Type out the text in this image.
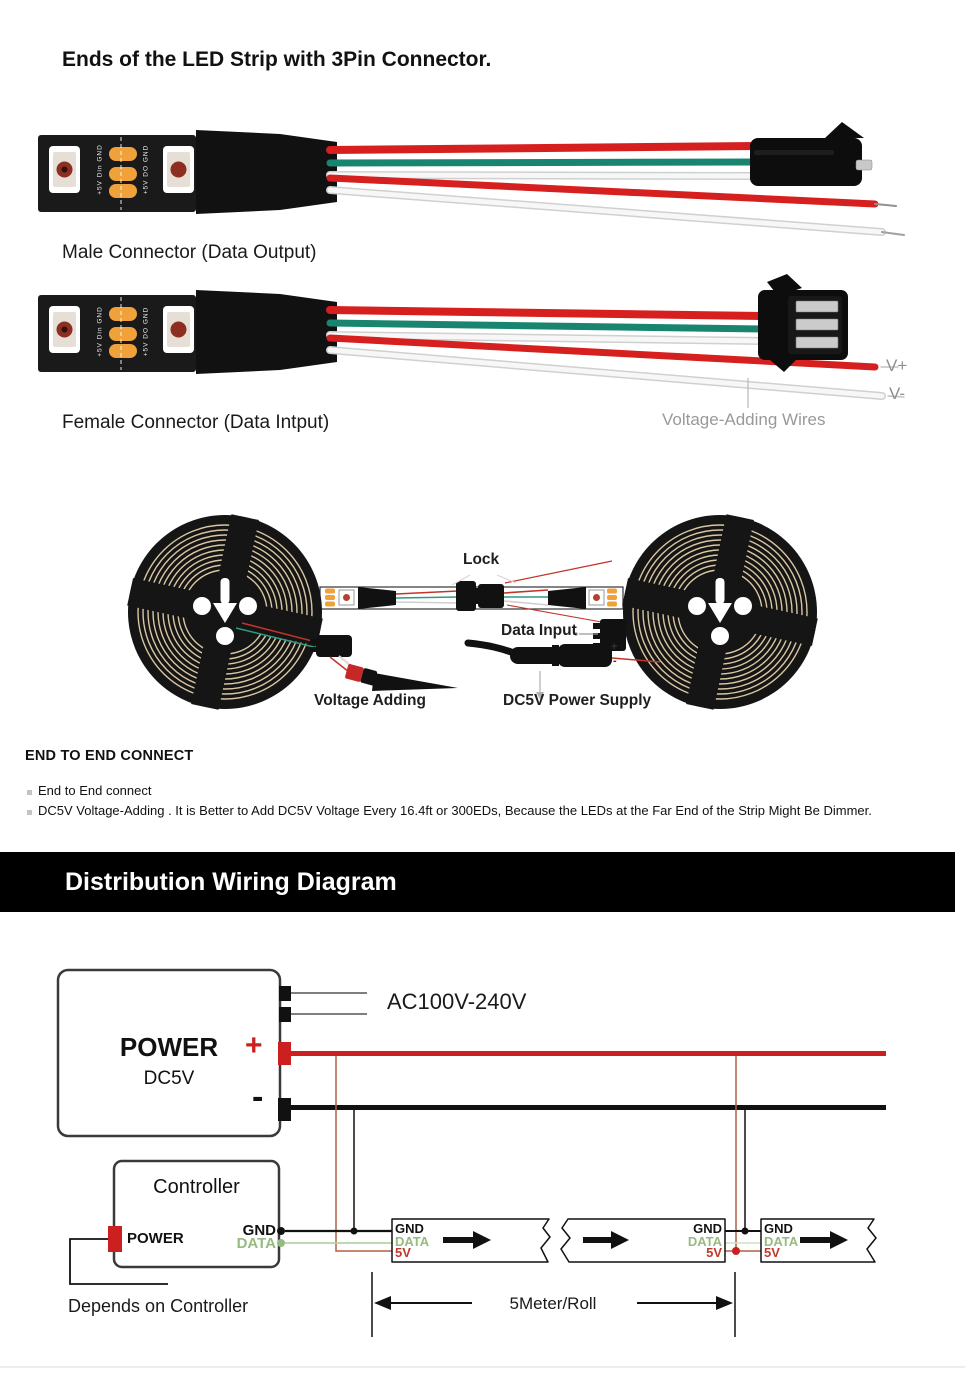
Ends of the LED Strip with 3Pin Connector.
+5V Din GND	+5V DO GND
Male Connector (Data Output)
+5V Din GND	+5V DO GND
V+
V-
Voltage-Adding Wires
Female Connector (Data Intput)
Lock
Data Input
Voltage Adding	DC5V Power Supply
+
-
END TO END CONNECT
End to End connect
DC5V Voltage-Adding . It is Better to Add DC5V Voltage Every 16.4ft or 300EDs, Because the LEDs at the Far End of the Strip Might Be Dimmer.
Distribution Wiring Diagram
AC100V-240V
POWER
DC5V
+
-
Controller
POWER	GND
DATA
GND
DATA
5V
GND
DATA
5V
GND
DATA
5V
Depends on Controller	5Meter/Roll
